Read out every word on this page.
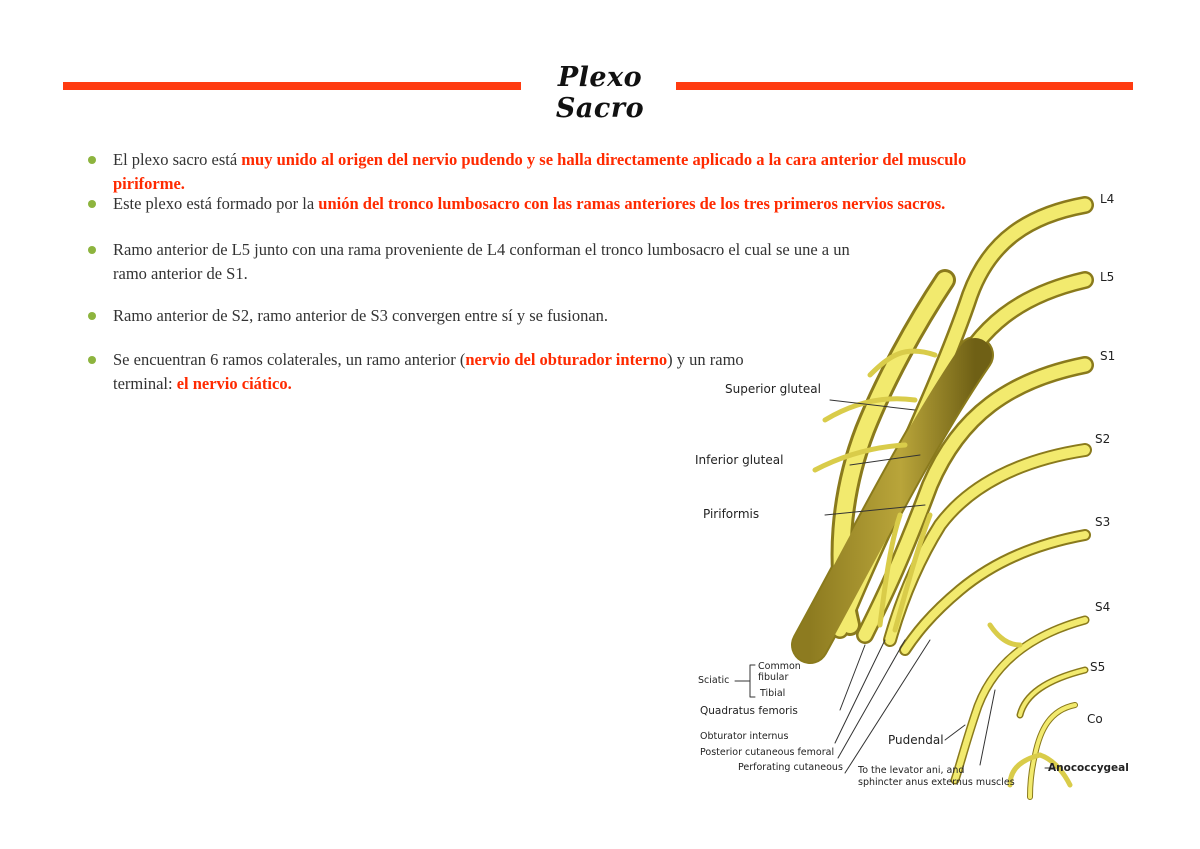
Plexo Sacro
El plexo sacro está muy unido al origen del nervio pudendo y se halla directamente aplicado a la cara anterior del musculo piriforme.
Este plexo está formado por la unión del tronco lumbosacro con las ramas anteriores de los tres primeros nervios sacros.
Ramo anterior de L5 junto con una rama proveniente de L4 conforman el tronco lumbosacro el cual se une a un
ramo anterior de S1.
Ramo anterior de S2, ramo anterior de S3 convergen entre sí y se fusionan.
Se encuentran 6 ramos colaterales, un ramo anterior (nervio del obturador interno) y un ramo
terminal: el nervio ciático.
L4
L5
S1
S2
S3
S4
S5
Co
Superior gluteal
Inferior gluteal
Piriformis
Sciatic
Common fibular
Tibial
Quadratus femoris
Obturator internus
Posterior cutaneous femoral
Perforating cutaneous
Pudendal
To the levator ani, and
sphincter anus externus muscles
Anococcygeal
